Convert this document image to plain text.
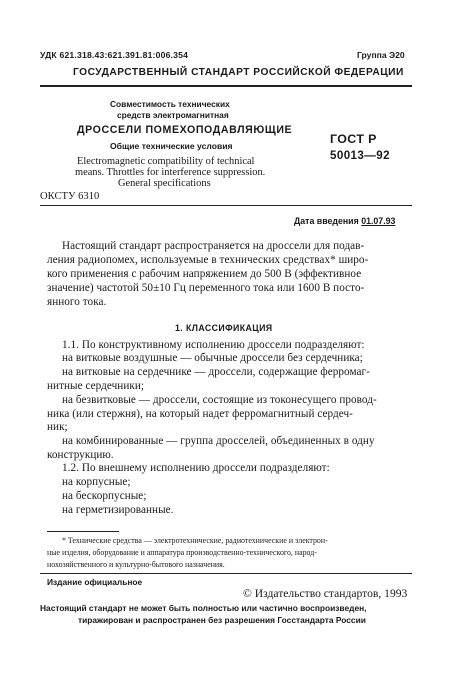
УДК 621.318.43:621.391.81:006.354	Группа Э20
ГОСУДАРСТВЕННЫЙ СТАНДАРТ РОССИЙСКОЙ ФЕДЕРАЦИИ
Совместимость технических
средств электромагнитная
ДРОССЕЛИ ПОМЕХОПОДАВЛЯЮЩИЕ
Общие технические условия
Electromagnetic compatibility of technical
means. Throttles for interference suppression.
General specifications
ГОСТ Р
50013—92
ОКСТУ 6310
Дата введения 01.07.93
Настоящий стандарт распространяется на дроссели для подав-
ления радиопомех, используемые в технических средствах* широ-
кого применения с рабочим напряжением до 500 В (эффективное
значение) частотой 50±10 Гц переменного тока или 1600 В посто-
янного тока.
1. КЛАССИФИКАЦИЯ
1.1. По конструктивному исполнению дроссели подразделяют:
на витковые воздушные — обычные дроссели без сердечника;
на витковые на сердечнике — дроссели, содержащие ферромаг-
нитные сердечники;
на безвитковые — дроссели, состоящие из токонесущего провод-
ника (или стержня), на который надет ферромагнитный сердеч-
ник;
на комбинированные — группа дросселей, объединенных в одну
конструкцию.
1.2. По внешнему исполнению дроссели подразделяют:
на корпусные;
на бескорпусные;
на герметизированные.
* Технические средства — электротехнические, радиотехнические и электрон-
ные изделия, оборудование и аппаратура производственно-технического, народ-
нохозяйственного и культурно-бытового назначения.
Издание официальное
© Издательство стандартов, 1993
Настоящий стандарт не может быть полностью или частично воспроизведен,
тиражирован и распространен без разрешения Госстандарта России
